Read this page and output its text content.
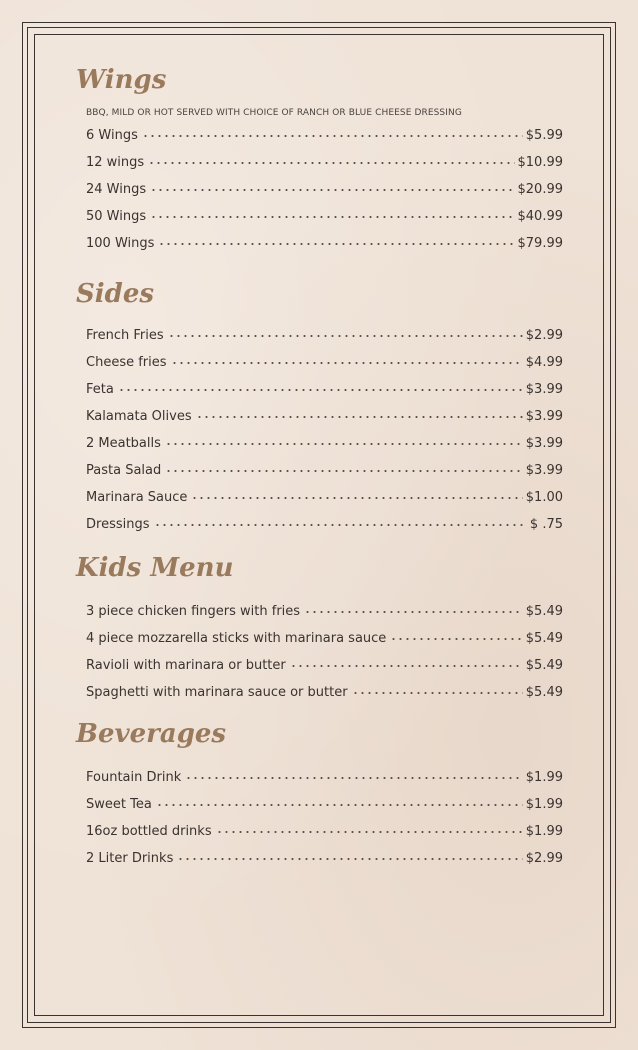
Wings
BBQ, MILD OR HOT SERVED WITH CHOICE OF RANCH OR BLUE CHEESE DRESSING
6 Wings	$5.99
12 wings	$10.99
24 Wings	$20.99
50 Wings	$40.99
100 Wings	$79.99
Sides
French Fries	$2.99
Cheese fries	$4.99
Feta	$3.99
Kalamata Olives	$3.99
2 Meatballs	$3.99
Pasta Salad	$3.99
Marinara Sauce	$1.00
Dressings	$ .75
Kids Menu
3 piece chicken fingers with fries	$5.49
4 piece mozzarella sticks with marinara sauce	$5.49
Ravioli with marinara or butter	$5.49
Spaghetti with marinara sauce or butter	$5.49
Beverages
Fountain Drink	$1.99
Sweet Tea	$1.99
16oz bottled drinks	$1.99
2 Liter Drinks	$2.99
